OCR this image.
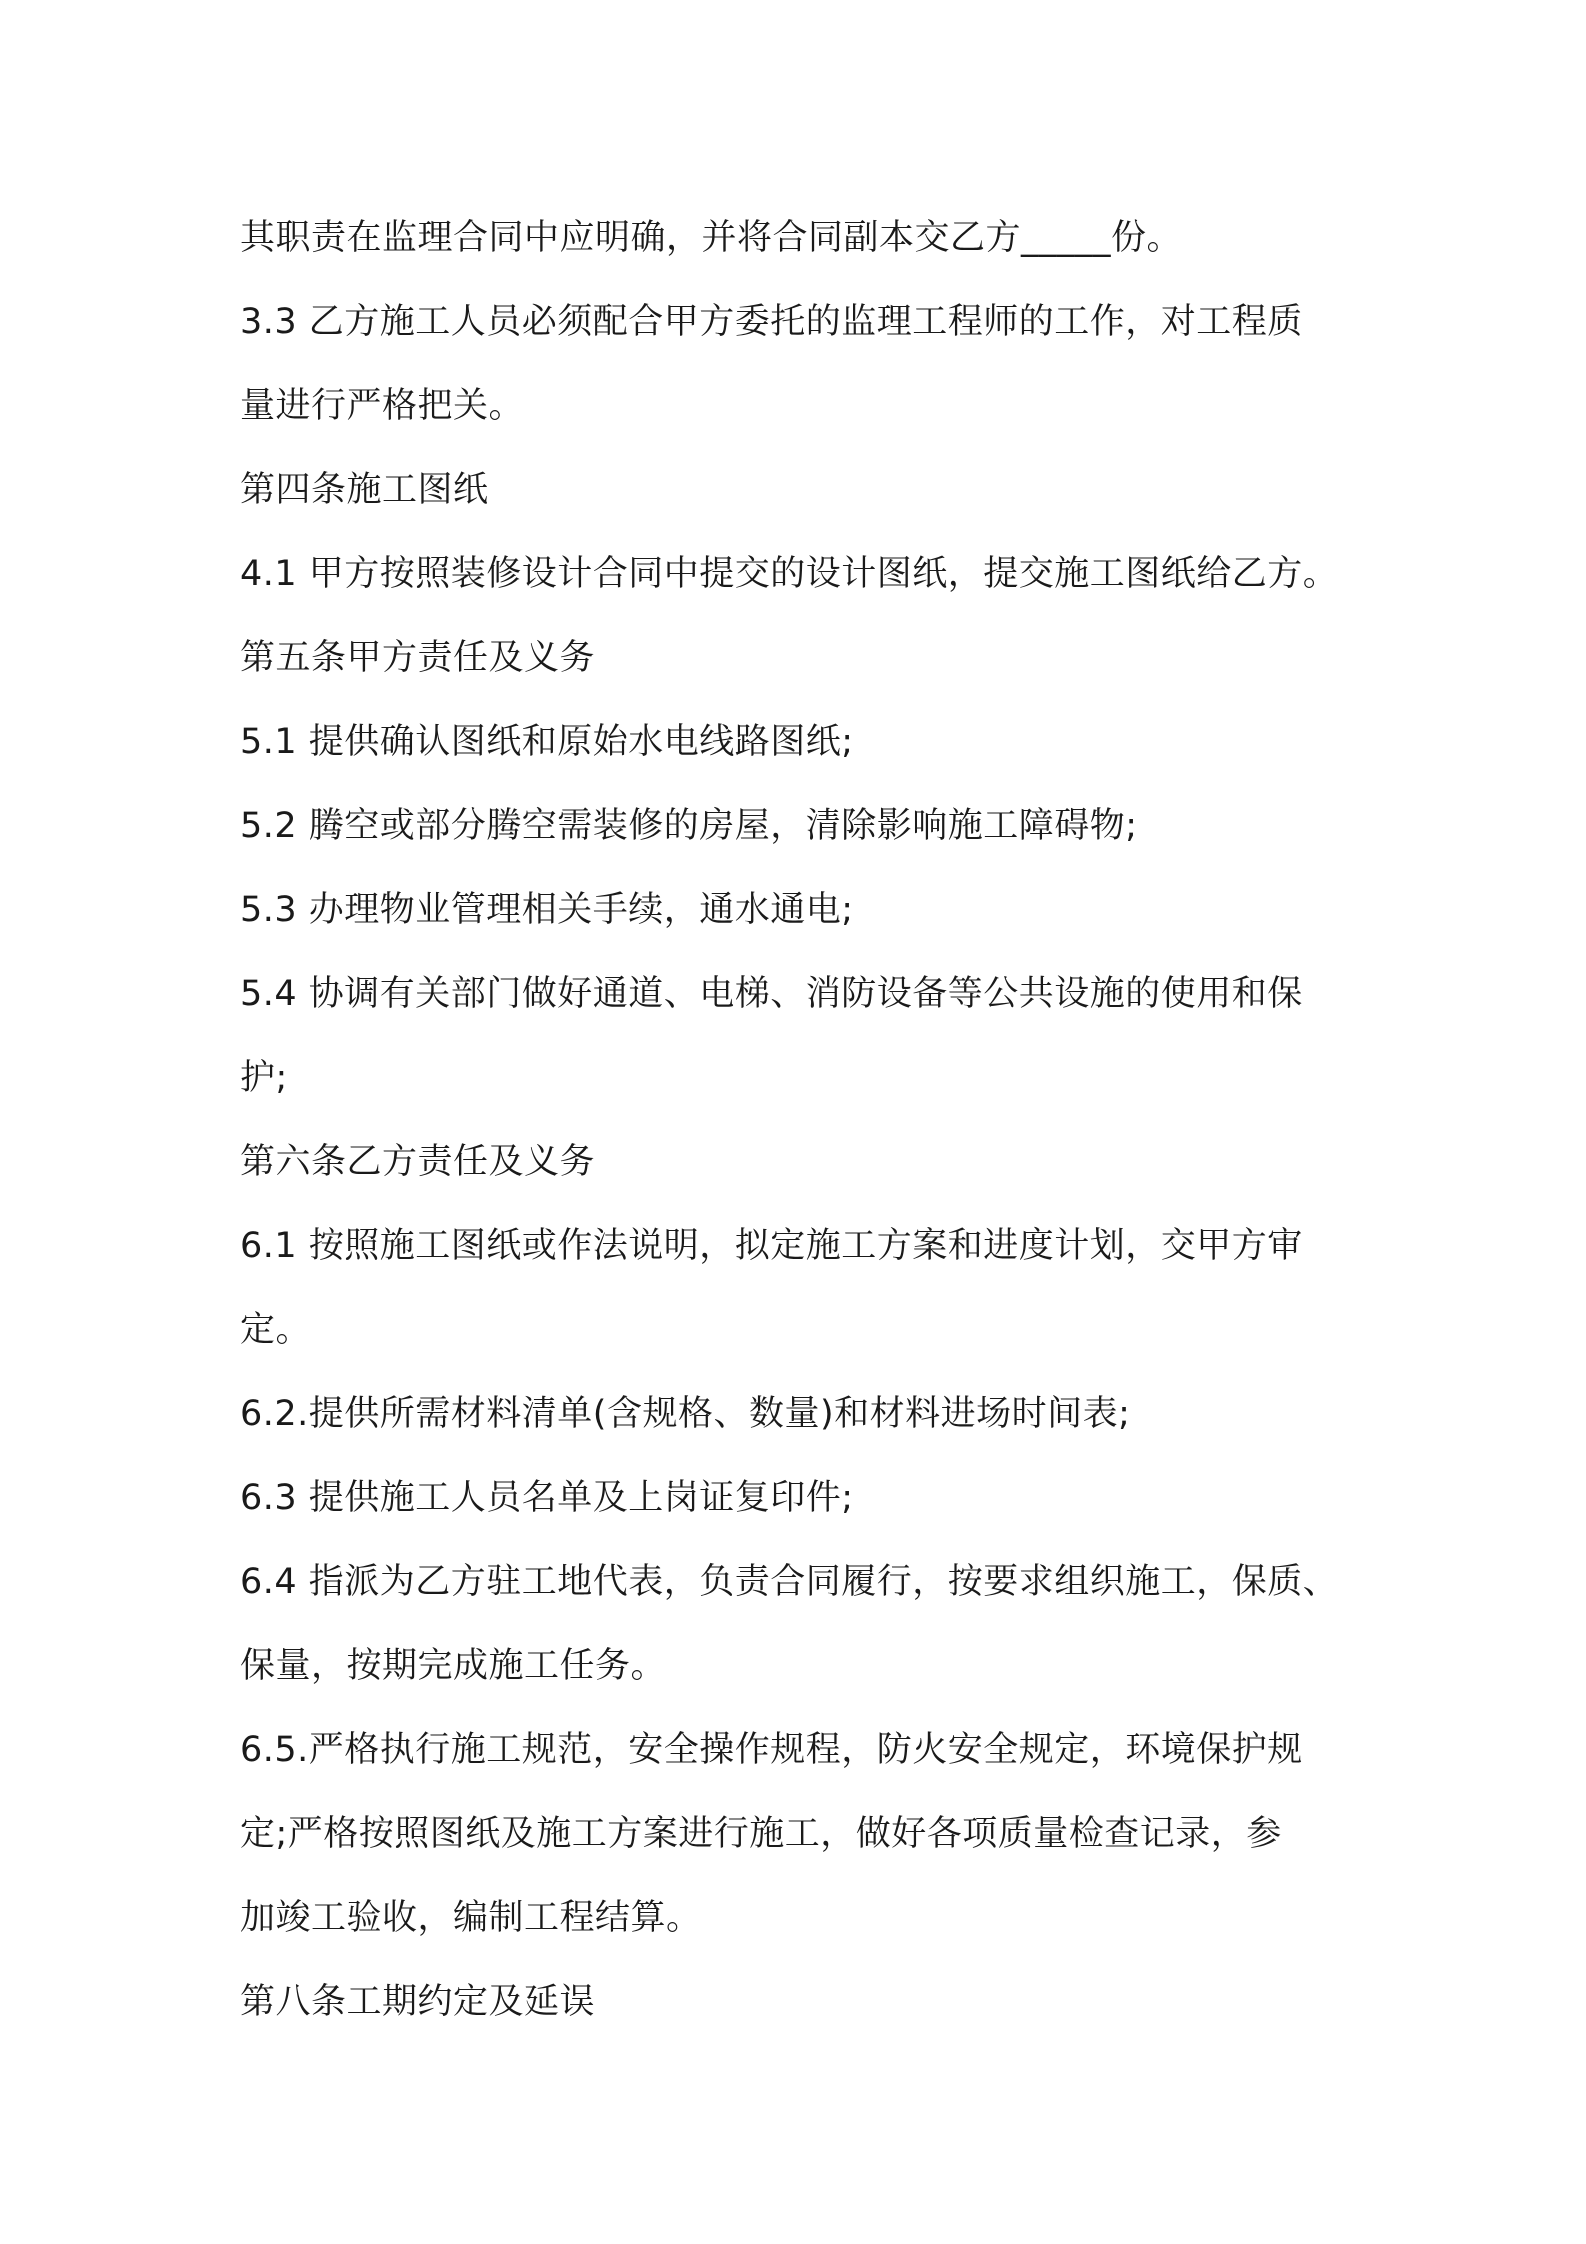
其职责在监理合同中应明确，并将合同副本交乙方_____份。
3.3 乙方施工人员必须配合甲方委托的监理工程师的工作，对工程质
量进行严格把关。
第四条施工图纸
4.1 甲方按照装修设计合同中提交的设计图纸，提交施工图纸给乙方。
第五条甲方责任及义务
5.1 提供确认图纸和原始水电线路图纸;
5.2 腾空或部分腾空需装修的房屋，清除影响施工障碍物;
5.3 办理物业管理相关手续，通水通电;
5.4 协调有关部门做好通道、电梯、消防设备等公共设施的使用和保
护;
第六条乙方责任及义务
6.1 按照施工图纸或作法说明，拟定施工方案和进度计划，交甲方审
定。
6.2.提供所需材料清单(含规格、数量)和材料进场时间表;
6.3 提供施工人员名单及上岗证复印件;
6.4 指派为乙方驻工地代表，负责合同履行，按要求组织施工，保质、
保量，按期完成施工任务。
6.5.严格执行施工规范，安全操作规程，防火安全规定，环境保护规
定;严格按照图纸及施工方案进行施工，做好各项质量检查记录，参
加竣工验收，编制工程结算。
第八条工期约定及延误
